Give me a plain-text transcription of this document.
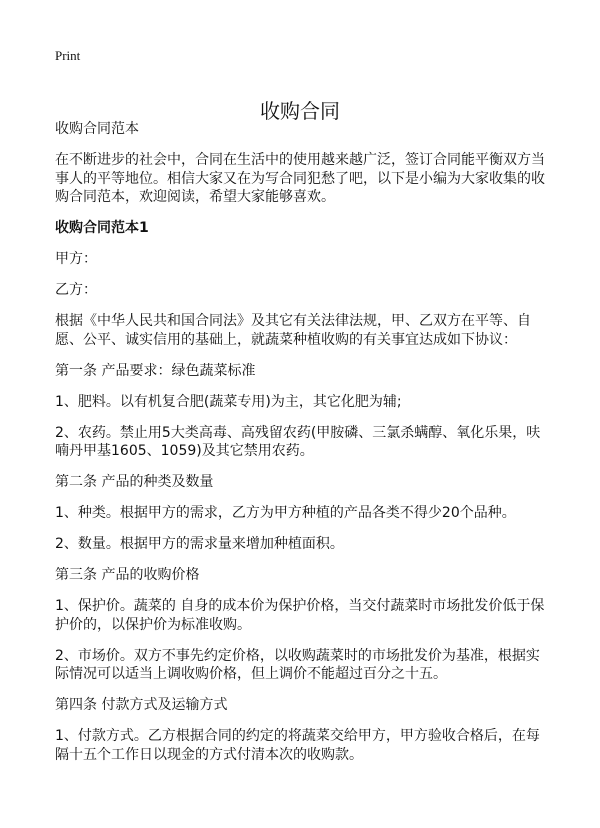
Print
收购合同

收购合同范本

在不断进步的社会中，合同在生活中的使用越来越广泛，签订合同能平衡双方当事人的平等地位。相信大家又在为写合同犯愁了吧，以下是小编为大家收集的收购合同范本，欢迎阅读，希望大家能够喜欢。

收购合同范本1

甲方：

乙方：

根据《中华人民共和国合同法》及其它有关法律法规，甲、乙双方在平等、自愿、公平、诚实信用的基础上，就蔬菜种植收购的有关事宜达成如下协议：

第一条 产品要求：绿色蔬菜标准

1、肥料。以有机复合肥(蔬菜专用)为主，其它化肥为辅;

2、农药。禁止用5大类高毒、高残留农药(甲胺磷、三氯杀螨醇、氧化乐果，呋喃丹甲基1605、1059)及其它禁用农药。

第二条 产品的种类及数量

1、种类。根据甲方的需求，乙方为甲方种植的产品各类不得少20个品种。

2、数量。根据甲方的需求量来增加种植面积。

第三条 产品的收购价格

1、保护价。蔬菜的 自身的成本价为保护价格，当交付蔬菜时市场批发价低于保护价的，以保护价为标准收购。

2、市场价。双方不事先约定价格，以收购蔬菜时的市场批发价为基准，根据实际情况可以适当上调收购价格，但上调价不能超过百分之十五。

第四条 付款方式及运输方式

1、付款方式。乙方根据合同的约定的将蔬菜交给甲方，甲方验收合格后，在每隔十五个工作日以现金的方式付清本次的收购款。
